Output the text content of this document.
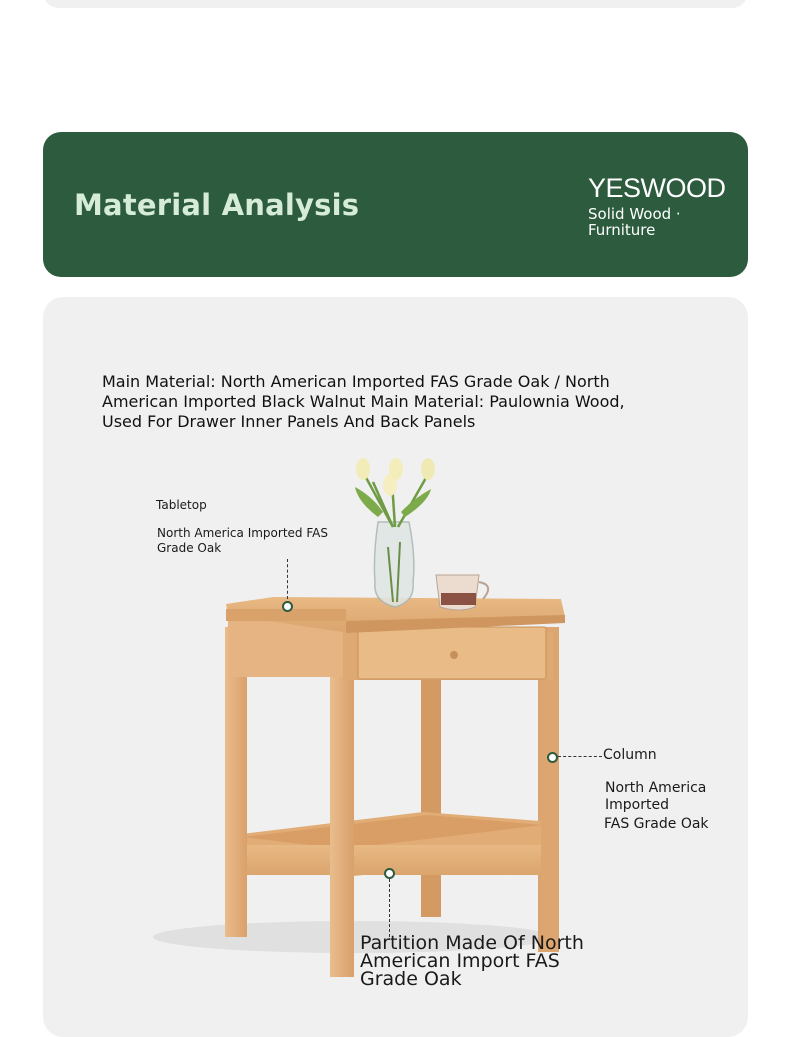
Material Analysis	YESWOOD
Solid Wood · Furniture
Main Material: North American Imported FAS Grade Oak / North American Imported Black Walnut Main Material: Paulownia Wood, Used For Drawer Inner Panels And Back Panels
Tabletop
North America Imported FAS Grade Oak
Column
North America Imported
FAS Grade Oak
Partition Made Of North American Import FAS Grade Oak
